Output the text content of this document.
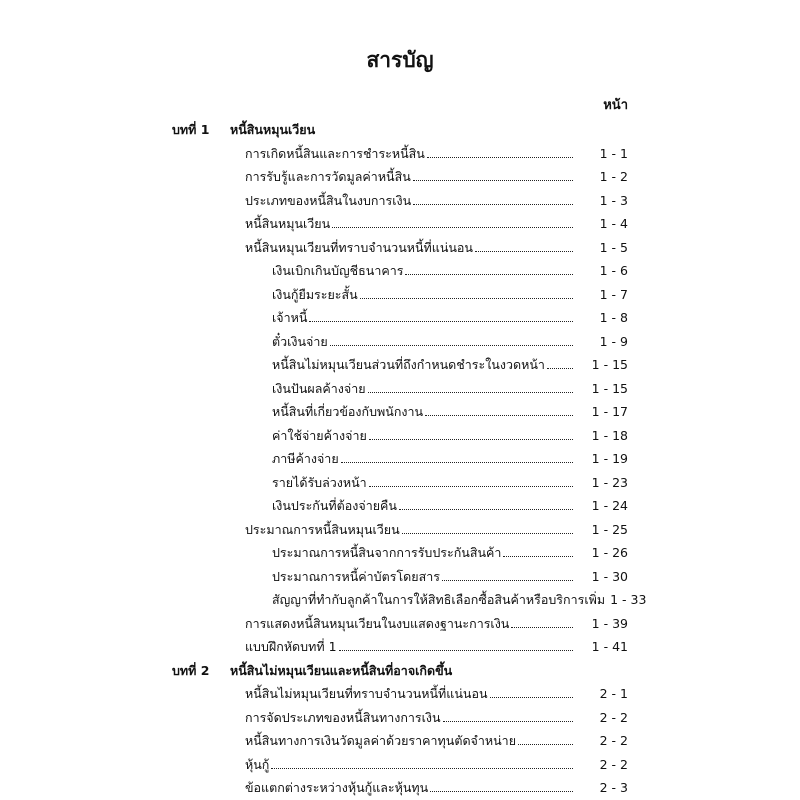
สารบัญ
หน้า
บทที่ 1 หนี้สินหมุนเวียน
การเกิดหนี้สินและการชำระหนี้สิน	1 - 1
การรับรู้และการวัดมูลค่าหนี้สิน	1 - 2
ประเภทของหนี้สินในงบการเงิน	1 - 3
หนี้สินหมุนเวียน	1 - 4
หนี้สินหมุนเวียนที่ทราบจำนวนหนี้ที่แน่นอน	1 - 5
เงินเบิกเกินบัญชีธนาคาร	1 - 6
เงินกู้ยืมระยะสั้น	1 - 7
เจ้าหนี้	1 - 8
ตั๋วเงินจ่าย	1 - 9
หนี้สินไม่หมุนเวียนส่วนที่ถึงกำหนดชำระในงวดหน้า	1 - 15
เงินปันผลค้างจ่าย	1 - 15
หนี้สินที่เกี่ยวข้องกับพนักงาน	1 - 17
ค่าใช้จ่ายค้างจ่าย	1 - 18
ภาษีค้างจ่าย	1 - 19
รายได้รับล่วงหน้า	1 - 23
เงินประกันที่ต้องจ่ายคืน	1 - 24
ประมาณการหนี้สินหมุนเวียน	1 - 25
ประมาณการหนี้สินจากการรับประกันสินค้า	1 - 26
ประมาณการหนี้ค่าบัตรโดยสาร	1 - 30
สัญญาที่ทำกับลูกค้าในการให้สิทธิเลือกซื้อสินค้าหรือบริการเพิ่ม 1 - 33
การแสดงหนี้สินหมุนเวียนในงบแสดงฐานะการเงิน	1 - 39
แบบฝึกหัดบทที่ 1	1 - 41
บทที่ 2 หนี้สินไม่หมุนเวียนและหนี้สินที่อาจเกิดขึ้น
หนี้สินไม่หมุนเวียนที่ทราบจำนวนหนี้ที่แน่นอน	2 - 1
การจัดประเภทของหนี้สินทางการเงิน	2 - 2
หนี้สินทางการเงินวัดมูลค่าด้วยราคาทุนตัดจำหน่าย	2 - 2
หุ้นกู้	2 - 2
ข้อแตกต่างระหว่างหุ้นกู้และหุ้นทุน	2 - 3
